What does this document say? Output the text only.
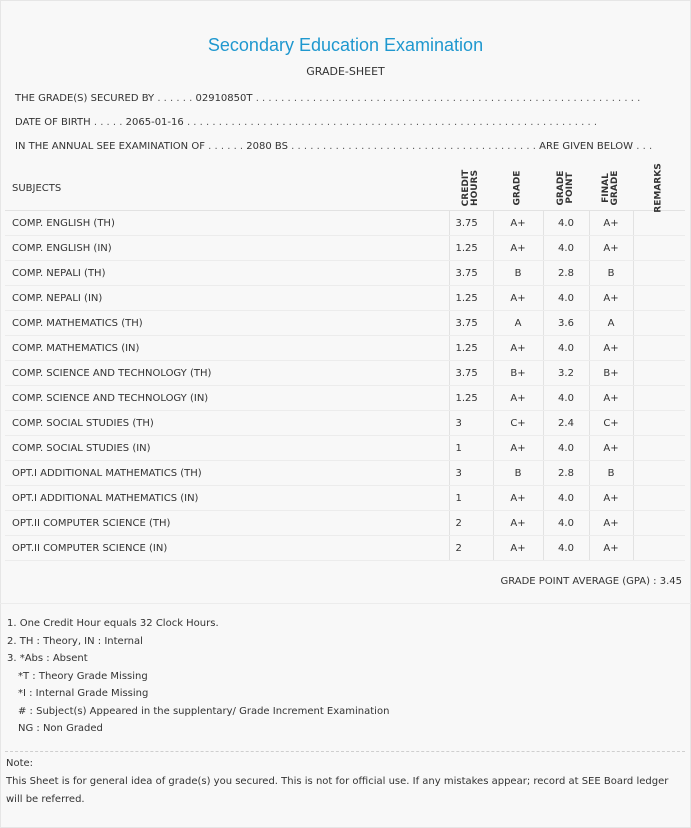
Secondary Education Examination
GRADE-SHEET
THE GRADE(S) SECURED BY . . . . . . 02910850T . . . . . . . . . . . . . . . . . . . . . . . . . . . . . . . . . . . . . . . . . . . . . . . . . . . . . . . . . . . . .
DATE OF BIRTH . . . . . 2065-01-16 . . . . . . . . . . . . . . . . . . . . . . . . . . . . . . . . . . . . . . . . . . . . . . . . . . . . . . . . . . . . . . . . .
IN THE ANNUAL SEE EXAMINATION OF . . . . . . 2080 BS . . . . . . . . . . . . . . . . . . . . . . . . . . . . . . . . . . . . . . . ARE GIVEN BELOW . . .
SUBJECTS	CREDIT HOURS	GRADE	GRADE POINT	FINAL GRADE	REMARKS

COMP. ENGLISH (TH)	3.75	A+	4.0	A+	
COMP. ENGLISH (IN)	1.25	A+	4.0	A+	
COMP. NEPALI (TH)	3.75	B	2.8	B	
COMP. NEPALI (IN)	1.25	A+	4.0	A+	
COMP. MATHEMATICS (TH)	3.75	A	3.6	A	
COMP. MATHEMATICS (IN)	1.25	A+	4.0	A+	
COMP. SCIENCE AND TECHNOLOGY (TH)	3.75	B+	3.2	B+	
COMP. SCIENCE AND TECHNOLOGY (IN)	1.25	A+	4.0	A+	
COMP. SOCIAL STUDIES (TH)	3	C+	2.4	C+	
COMP. SOCIAL STUDIES (IN)	1	A+	4.0	A+	
OPT.I ADDITIONAL MATHEMATICS (TH)	3	B	2.8	B	
OPT.I ADDITIONAL MATHEMATICS (IN)	1	A+	4.0	A+	
OPT.II COMPUTER SCIENCE (TH)	2	A+	4.0	A+	
OPT.II COMPUTER SCIENCE (IN)	2	A+	4.0	A+	
GRADE POINT AVERAGE (GPA) : 3.45
1. One Credit Hour equals 32 Clock Hours.
2. TH : Theory, IN : Internal
3. *Abs : Absent
*T : Theory Grade Missing
*I : Internal Grade Missing
# : Subject(s) Appeared in the supplentary/ Grade Increment Examination
NG : Non Graded
Note:
This Sheet is for general idea of grade(s) you secured. This is not for official use. If any mistakes appear; record at SEE Board ledger will be referred.
